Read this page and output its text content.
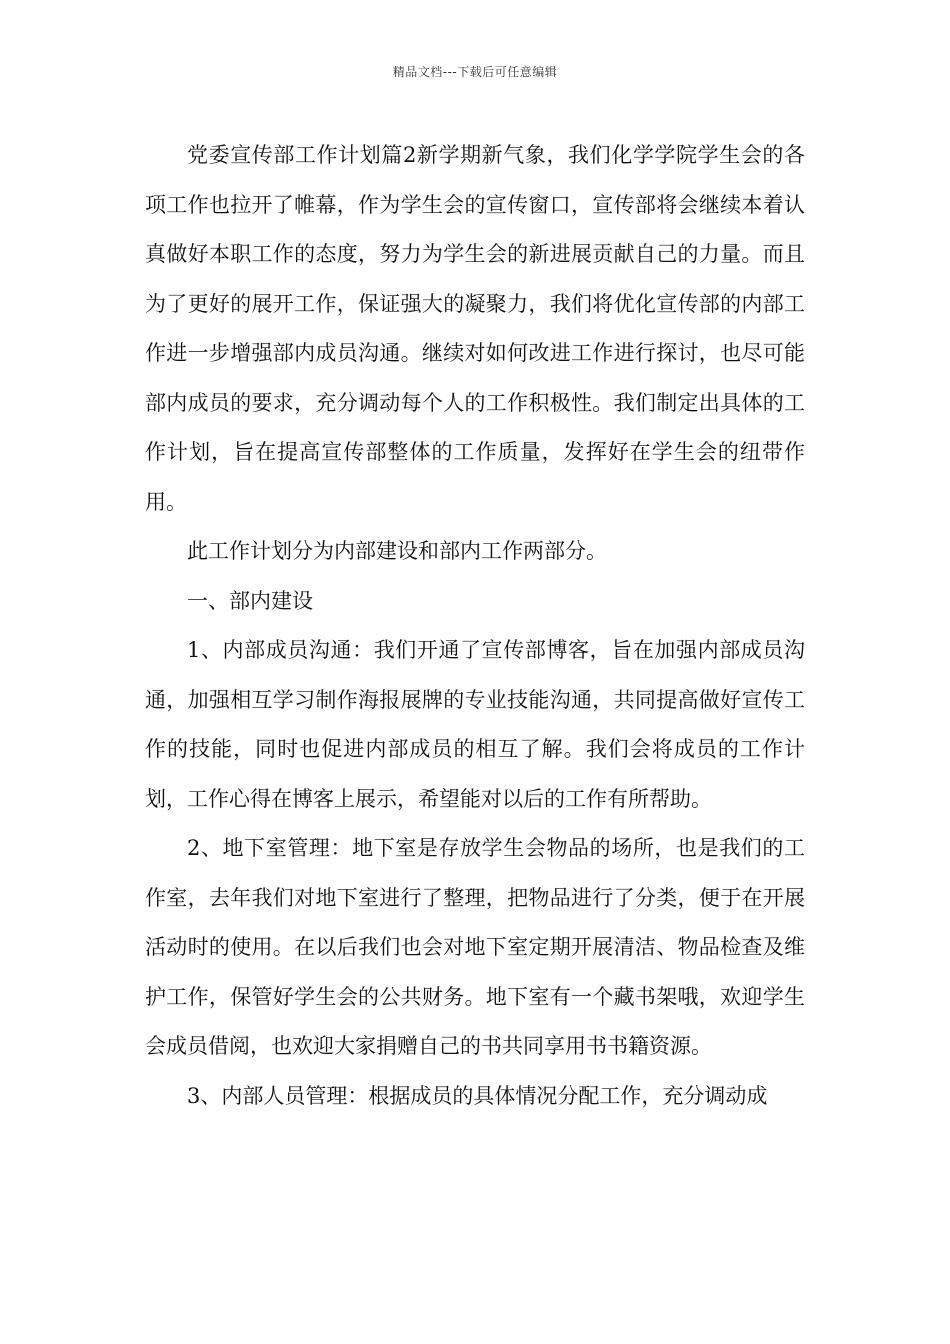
精品文档---下载后可任意编辑

党委宣传部工作计划篇2新学期新气象，我们化学学院学生会的各项工作也拉开了帷幕，作为学生会的宣传窗口，宣传部将会继续本着认真做好本职工作的态度，努力为学生会的新进展贡献自己的力量。而且为了更好的展开工作，保证强大的凝聚力，我们将优化宣传部的内部工作进一步增强部内成员沟通。继续对如何改进工作进行探讨，也尽可能部内成员的要求，充分调动每个人的工作积极性。我们制定出具体的工作计划，旨在提高宣传部整体的工作质量，发挥好在学生会的纽带作用。

此工作计划分为内部建设和部内工作两部分。

一、部内建设

1、内部成员沟通：我们开通了宣传部博客，旨在加强内部成员沟通，加强相互学习制作海报展牌的专业技能沟通，共同提高做好宣传工作的技能，同时也促进内部成员的相互了解。我们会将成员的工作计划，工作心得在博客上展示，希望能对以后的工作有所帮助。

2、地下室管理：地下室是存放学生会物品的场所，也是我们的工作室，去年我们对地下室进行了整理，把物品进行了分类，便于在开展活动时的使用。在以后我们也会对地下室定期开展清洁、物品检查及维护工作，保管好学生会的公共财务。地下室有一个藏书架哦，欢迎学生会成员借阅，也欢迎大家捐赠自己的书共同享用书书籍资源。

3、内部人员管理：根据成员的具体情况分配工作，充分调动成
